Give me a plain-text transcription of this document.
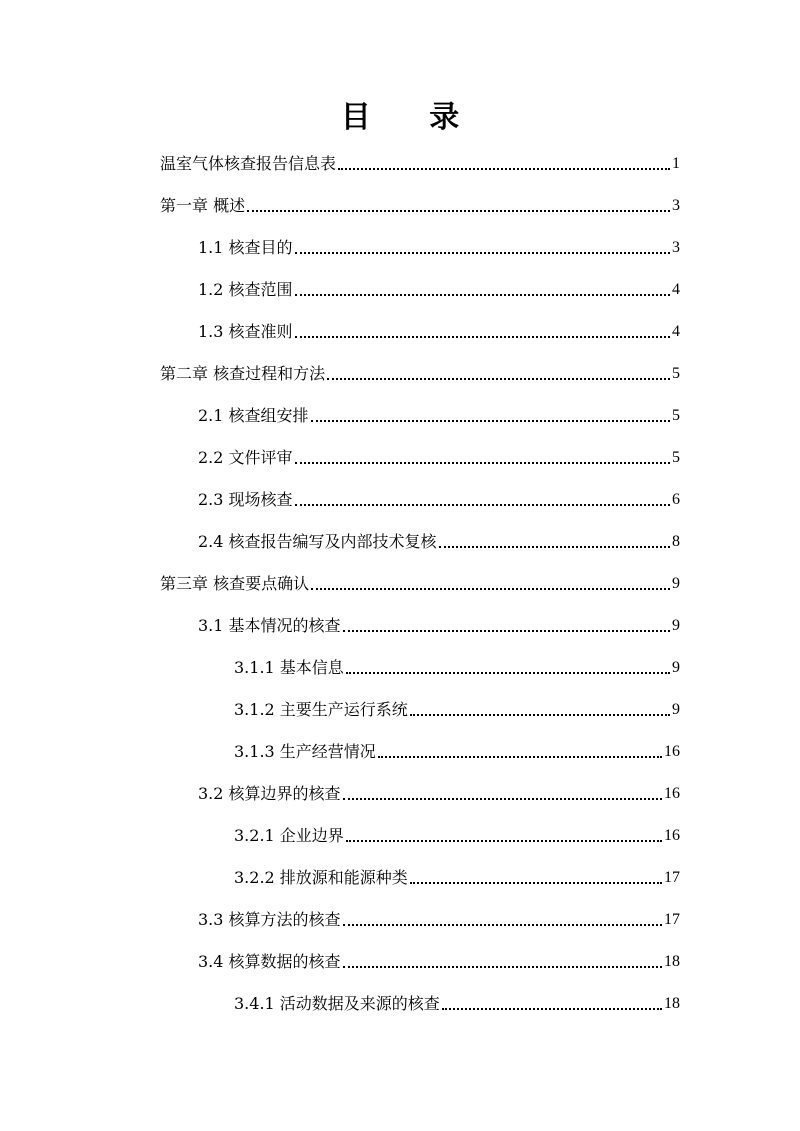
目 录
温室气体核查报告信息表	1
第一章 概述	3
1.1 核查目的	3
1.2 核查范围	4
1.3 核查准则	4
第二章 核查过程和方法	5
2.1 核查组安排	5
2.2 文件评审	5
2.3 现场核查	6
2.4 核查报告编写及内部技术复核	8
第三章 核查要点确认	9
3.1 基本情况的核查	9
3.1.1 基本信息	9
3.1.2 主要生产运行系统	9
3.1.3 生产经营情况	16
3.2 核算边界的核查	16
3.2.1 企业边界	16
3.2.2 排放源和能源种类	17
3.3 核算方法的核查	17
3.4 核算数据的核查	18
3.4.1 活动数据及来源的核查	18
